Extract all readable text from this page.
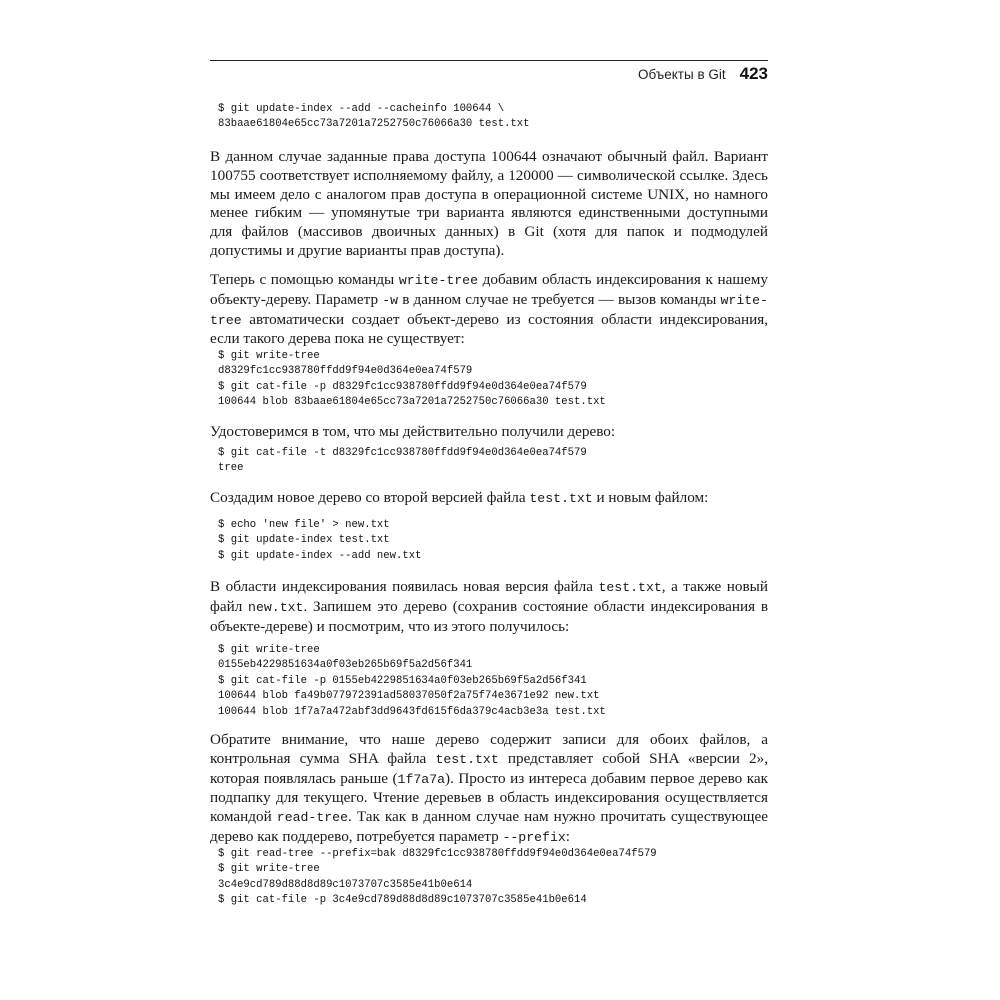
Объекты в Git 423
$ git update-index --add --cacheinfo 100644 \
83baae61804e65cc73a7201a7252750c76066a30 test.txt

В данном случае заданные права доступа 100644 означают обычный файл. Вариант 100755 соответствует исполняемому файлу, а 120000 — символической ссылке. Здесь мы имеем дело с аналогом прав доступа в операционной системе UNIX, но намного менее гибким — упомянутые три варианта являются единственными доступными для файлов (массивов двоичных данных) в Git (хотя для папок и подмодулей допустимы и другие варианты прав доступа).

Теперь с помощью команды write-tree добавим область индексирования к нашему объекту-дереву. Параметр -w в данном случае не требуется — вызов команды write-tree автоматически создает объект-дерево из состояния области индексирования, если такого дерева пока не существует:

$ git write-tree
d8329fc1cc938780ffdd9f94e0d364e0ea74f579
$ git cat-file -p d8329fc1cc938780ffdd9f94e0d364e0ea74f579
100644 blob 83baae61804e65cc73a7201a7252750c76066a30 test.txt

Удостоверимся в том, что мы действительно получили дерево:

$ git cat-file -t d8329fc1cc938780ffdd9f94e0d364e0ea74f579
tree

Создадим новое дерево со второй версией файла test.txt и новым файлом:

$ echo 'new file' > new.txt
$ git update-index test.txt
$ git update-index --add new.txt

В области индексирования появилась новая версия файла test.txt, а также новый файл new.txt. Запишем это дерево (сохранив состояние области индексирования в объекте-дереве) и посмотрим, что из этого получилось:

$ git write-tree
0155eb4229851634a0f03eb265b69f5a2d56f341
$ git cat-file -p 0155eb4229851634a0f03eb265b69f5a2d56f341
100644 blob fa49b077972391ad58037050f2a75f74e3671e92 new.txt
100644 blob 1f7a7a472abf3dd9643fd615f6da379c4acb3e3a test.txt

Обратите внимание, что наше дерево содержит записи для обоих файлов, а контрольная сумма SHA файла test.txt представляет собой SHA «версии 2», которая появлялась раньше (1f7a7a). Просто из интереса добавим первое дерево как подпапку для текущего. Чтение деревьев в область индексирования осуществляется командой read-tree. Так как в данном случае нам нужно прочитать существующее дерево как поддерево, потребуется параметр --prefix:

$ git read-tree --prefix=bak d8329fc1cc938780ffdd9f94e0d364e0ea74f579
$ git write-tree
3c4e9cd789d88d8d89c1073707c3585e41b0e614
$ git cat-file -p 3c4e9cd789d88d8d89c1073707c3585e41b0e614
